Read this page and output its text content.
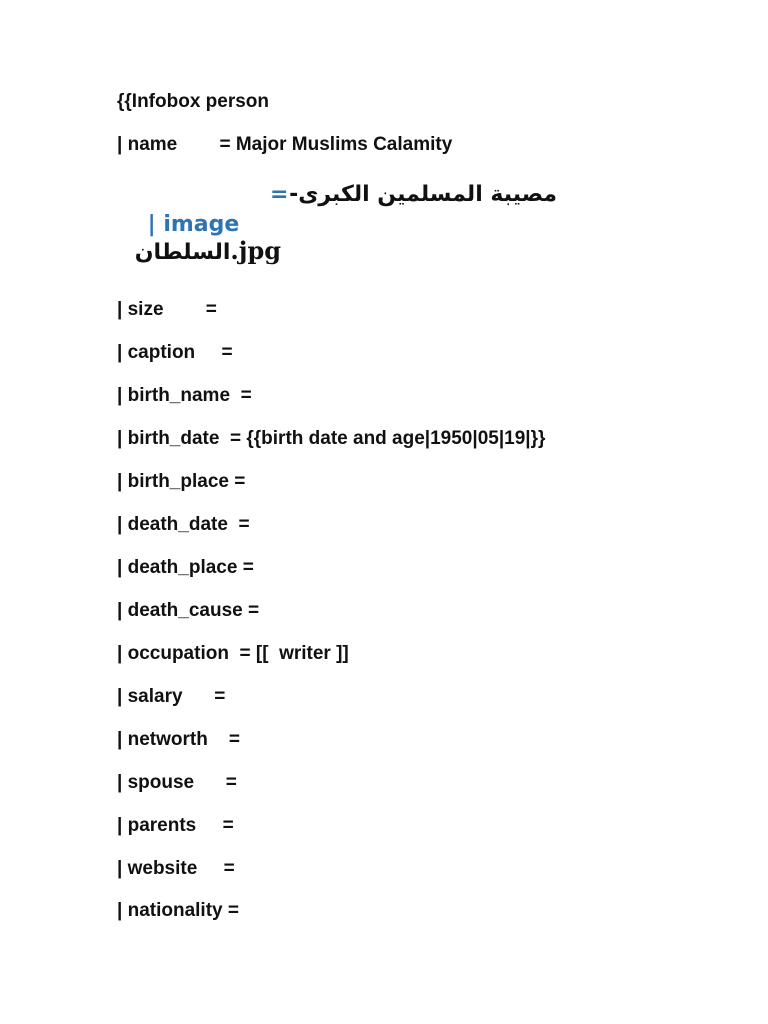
{{Infobox person
| name        = Major Muslims Calamity

| image

=

مصيبة المسلمين الكبرى-

السلطان.jpg

| size        =
| caption     =
| birth_name  =
| birth_date  = {{birth date and age|1950|05|19|}}
| birth_place =
| death_date  =
| death_place =
| death_cause =
| occupation  = [[  writer ]]
| salary      =
| networth    =
| spouse      =
| parents     =
| website     =
| nationality =
